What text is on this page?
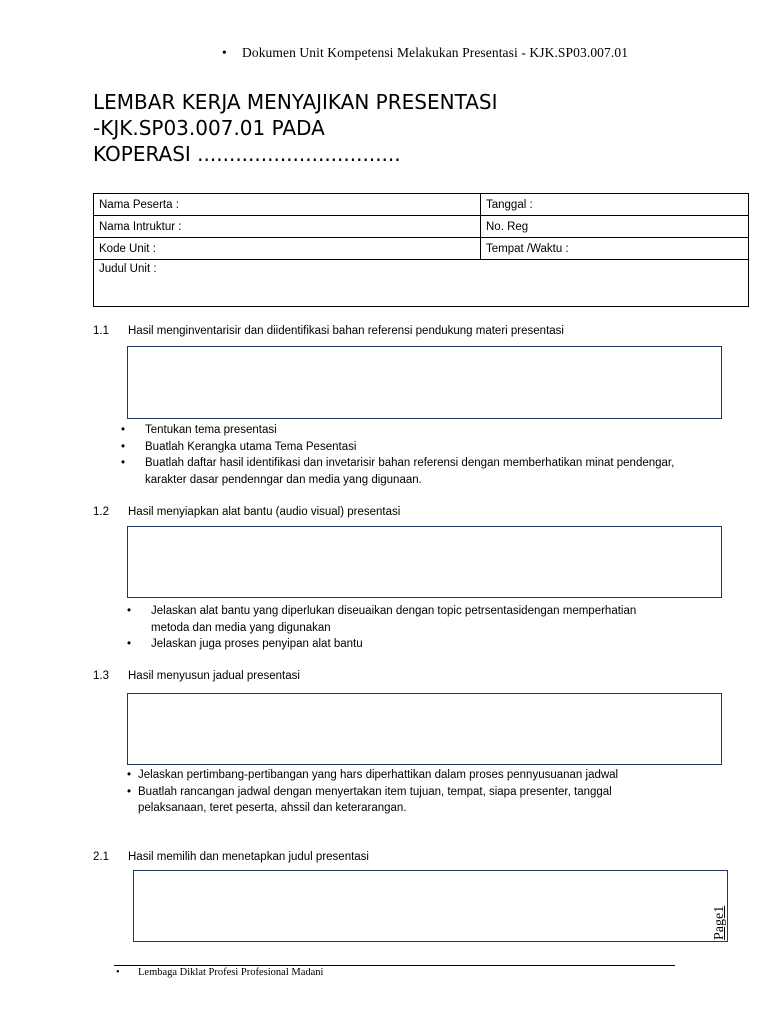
• Dokumen Unit Kompetensi Melakukan Presentasi - KJK.SP03.007.01
LEMBAR KERJA MENYAJIKAN PRESENTASI
-KJK.SP03.007.01 PADA
KOPERASI ................................
Nama Peserta :	Tanggal :
Nama Intruktur :	No. Reg
Kode Unit :	Tempat /Waktu :
Judul Unit :	
1.1 Hasil menginventarisir dan diidentifikasi bahan referensi pendukung materi presentasi
• Tentukan tema presentasi
• Buatlah Kerangka utama Tema Pesentasi
• Buatlah daftar hasil identifikasi dan invetarisir bahan referensi dengan memberhatikan minat pendengar, karakter dasar pendenngar dan media yang digunaan.
1.2 Hasil menyiapkan alat bantu (audio visual) presentasi
• Jelaskan alat bantu yang diperlukan diseuaikan dengan topic petrsentasidengan memperhatian metoda dan media yang digunakan
• Jelaskan juga proses penyipan alat bantu
1.3 Hasil menyusun jadual presentasi
• Jelaskan pertimbang-pertibangan yang hars diperhattikan dalam proses pennyusuanan jadwal
• Buatlah rancangan jadwal dengan menyertakan item tujuan, tempat, siapa presenter, tanggal pelaksanaan, teret peserta, ahssil dan keterarangan.
2.1 Hasil memilih dan menetapkan judul presentasi
Page1
• Lembaga Diklat Profesi Profesional Madani
